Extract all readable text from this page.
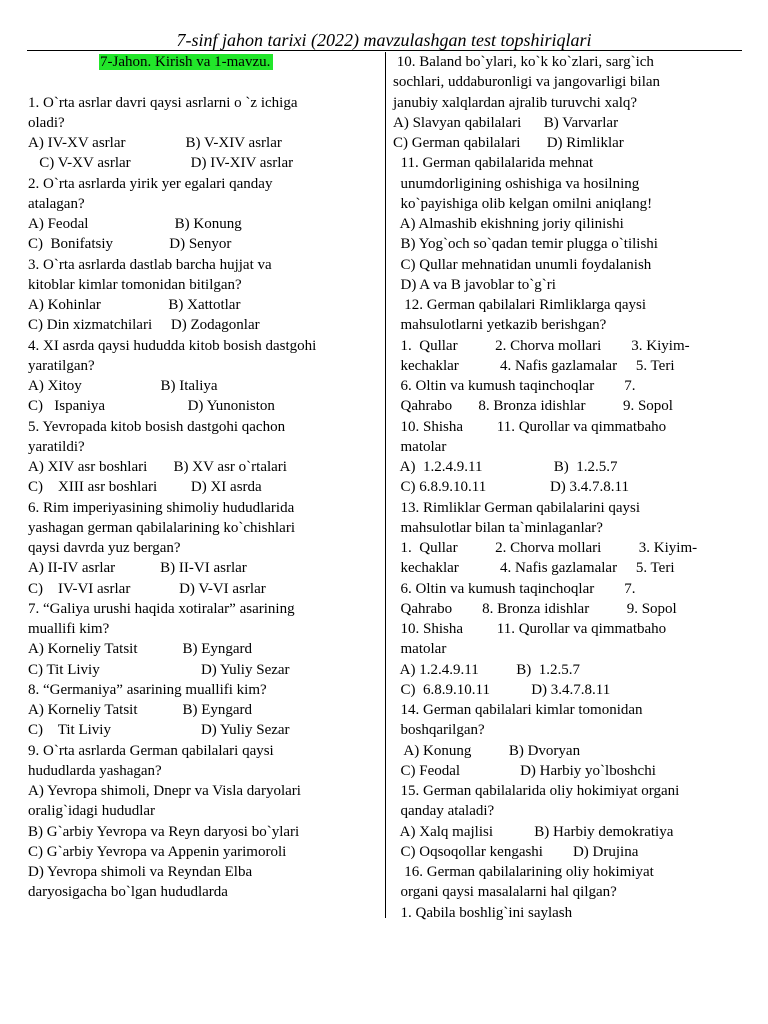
7-sinf jahon tarixi (2022) mavzulashgan test topshiriqlari
7-Jahon. Kirish va 1-mavzu.
1. O`rta asrlar davri qaysi asrlarni o `z ichiga
oladi?
A) IV-XV asrlar                B) V-XIV asrlar
C) V-XV asrlar                D) IV-XIV asrlar
2. O`rta asrlarda yirik yer egalari qanday
atalagan?
A) Feodal                       B) Konung
C)  Bonifatsiy               D) Senyor
3. O`rta asrlarda dastlab barcha hujjat va
kitoblar kimlar tomonidan bitilgan?
A) Kohinlar                  B) Xattotlar
C) Din xizmatchilari     D) Zodagonlar
4. XI asrda qaysi hududda kitob bosish dastgohi
yaratilgan?
A) Xitoy                     B) Italiya
C)   Ispaniya                      D) Yunoniston
5. Yevropada kitob bosish dastgohi qachon
yaratildi?
A) XIV asr boshlari       B) XV asr o`rtalari
C)    XIII asr boshlari         D) XI asrda
6. Rim imperiyasining shimoliy hududlarida
yashagan german qabilalarining ko`chishlari
qaysi davrda yuz bergan?
A) II-IV asrlar            B) II-VI asrlar
C)    IV-VI asrlar             D) V-VI asrlar
7. “Galiya urushi haqida xotiralar” asarining
muallifi kim?
A) Korneliy Tatsit            B) Eyngard
C) Tit Liviy                           D) Yuliy Sezar
8. “Germaniya” asarining muallifi kim?
A) Korneliy Tatsit            B) Eyngard
C)    Tit Liviy                        D) Yuliy Sezar
9. O`rta asrlarda German qabilalari qaysi
hududlarda yashagan?
A) Yevropa shimoli, Dnepr va Visla daryolari
oralig`idagi hududlar
B) G`arbiy Yevropa va Reyn daryosi bo`ylari
C) G`arbiy Yevropa va Appenin yarimoroli
D) Yevropa shimoli va Reyndan Elba
daryosigacha bo`lgan hududlarda
10. Baland bo`ylari, ko`k ko`zlari, sarg`ich
sochlari, uddaburonligi va jangovarligi bilan
janubiy xalqlardan ajralib turuvchi xalq?
A) Slavyan qabilalari      B) Varvarlar
C) German qabilalari       D) Rimliklar
11. German qabilalarida mehnat
unumdorligining oshishiga va hosilning
ko`payishiga olib kelgan omilni aniqlang!
A) Almashib ekishning joriy qilinishi
B) Yog`och so`qadan temir plugga o`tilishi
C) Qullar mehnatidan unumli foydalanish
D) A va B javoblar to`g`ri
12. German qabilalari Rimliklarga qaysi
mahsulotlarni yetkazib berishgan?
1.  Qullar          2. Chorva mollari        3. Kiyim-
kechaklar           4. Nafis gazlamalar     5. Teri
6. Oltin va kumush taqinchoqlar        7.
Qahrabo       8. Bronza idishlar          9. Sopol
10. Shisha         11. Qurollar va qimmatbaho
matolar
A)  1.2.4.9.11                   B)  1.2.5.7
C) 6.8.9.10.11                 D) 3.4.7.8.11
13. Rimliklar German qabilalarini qaysi
mahsulotlar bilan ta`minlaganlar?
1.  Qullar          2. Chorva mollari          3. Kiyim-
kechaklar           4. Nafis gazlamalar     5. Teri
6. Oltin va kumush taqinchoqlar        7.
Qahrabo        8. Bronza idishlar          9. Sopol
10. Shisha         11. Qurollar va qimmatbaho
matolar
A) 1.2.4.9.11          B)  1.2.5.7
C)  6.8.9.10.11           D) 3.4.7.8.11
14. German qabilalari kimlar tomonidan
boshqarilgan?
A) Konung          B) Dvoryan
C) Feodal                D) Harbiy yo`lboshchi
15. German qabilalarida oliy hokimiyat organi
qanday ataladi?
A) Xalq majlisi           B) Harbiy demokratiya
C) Oqsoqollar kengashi        D) Drujina
16. German qabilalarining oliy hokimiyat
organi qaysi masalalarni hal qilgan?
1. Qabila boshlig`ini saylash
